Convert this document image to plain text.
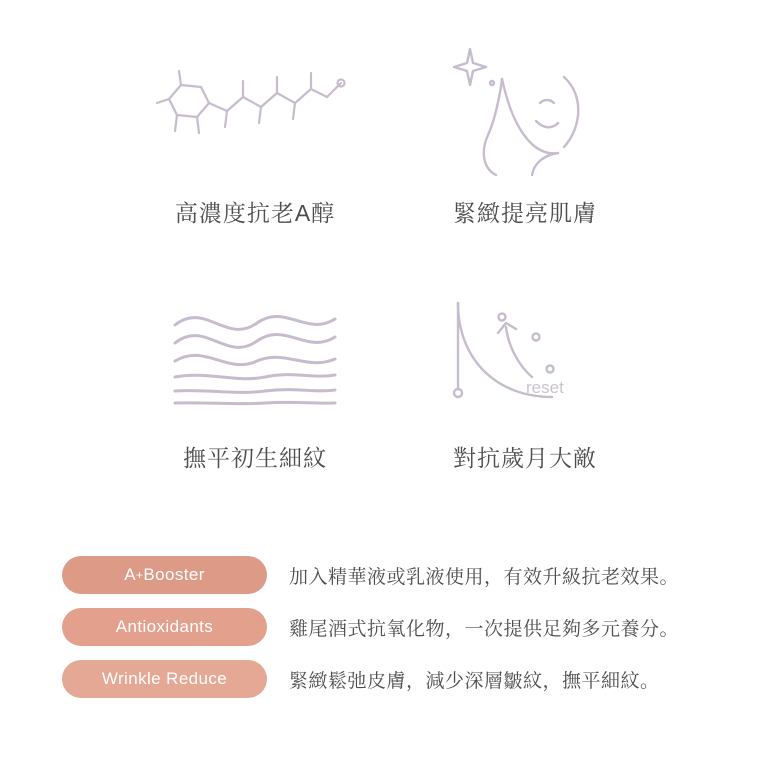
高濃度抗老A醇	緊緻提亮肌膚
撫平初生細紋
reset
對抗歲月大敵
A + Booster	加入精華液或乳液使用，有效升級抗老效果。
Antioxidants	雞尾酒式抗氧化物，一次提供足夠多元養分。
Wrinkle Reduce	緊緻鬆弛皮膚，減少深層皺紋，撫平細紋。
